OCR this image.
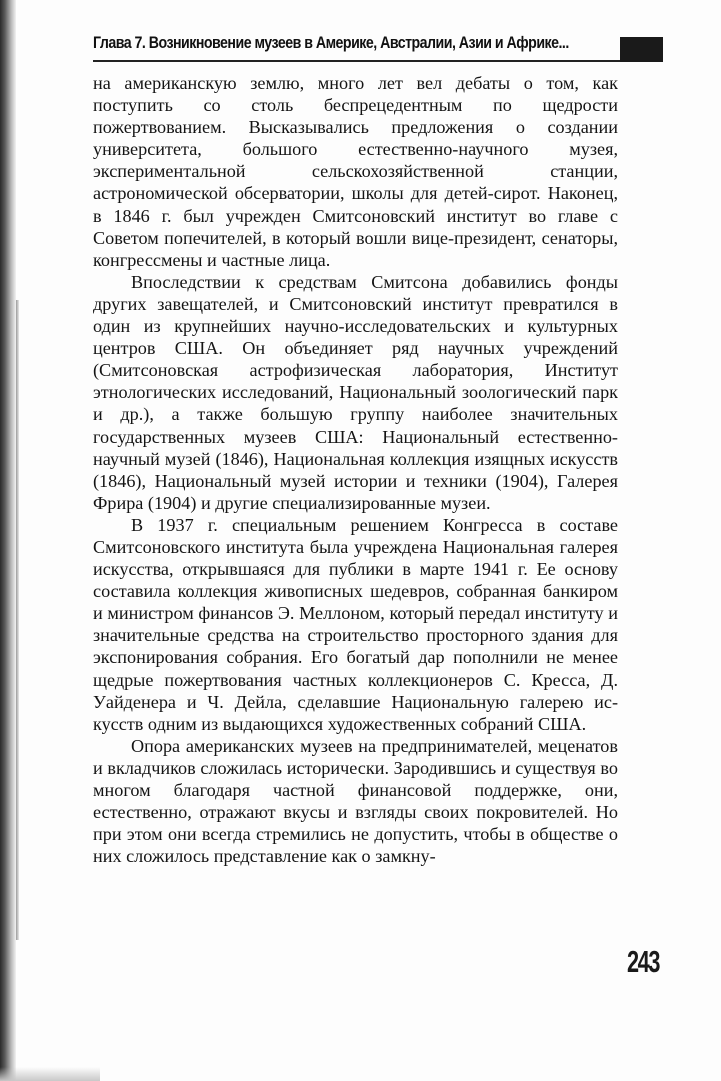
Глава 7. Возникновение музеев в Америке, Австралии, Азии и Африке...

на американскую землю, много лет вел дебаты о том, как поступить со столь беспрецедентным по щедрости пожертвованием. Высказывались предложения о создании университета, большого естественно-научного музея, экспериментальной сельскохозяйственной станции, астрономической обсерватории, школы для детей-сирот. Наконец, в 1846 г. был учрежден Смитсоновский институт во главе с Советом попечителей, в который вошли вице-президент, сенаторы, конгрессмены и частные лица.

Впоследствии к средствам Смитсона добавились фонды других завещателей, и Смитсоновский институт превратился в один из крупнейших научно-исследовательских и культурных центров США. Он объединяет ряд научных учреждений (Смитсоновская астрофизическая лаборатория, Институт этнологических исследований, Национальный зоологический парк и др.), а также большую группу наиболее значительных государственных музеев США: Национальный естественно-научный музей (1846), Национальная коллекция изящных искусств (1846), Национальный музей истории и техники (1904), Галерея Фрира (1904) и другие специализированные музеи.

В 1937 г. специальным решением Конгресса в составе Смитсоновского института была учреждена Национальная галерея искусства, открывшаяся для публики в марте 1941 г. Ее основу составила коллекция живописных шедевров, собранная банкиром и министром финансов Э. Меллоном, который передал институту и значительные средства на строительство просторного здания для экспонирования собрания. Его богатый дар пополнили не менее щедрые пожертвования частных коллекционеров С. Кресса, Д. Уайденера и Ч. Дейла, сделавшие Национальную галерею искусств одним из выдающихся художественных собраний США.

Опора американских музеев на предпринимателей, меценатов и вкладчиков сложилась исторически. Зародившись и существуя во многом благодаря частной финансовой поддержке, они, естественно, отражают вкусы и взгляды своих покровителей. Но при этом они всегда стремились не допустить, чтобы в обществе о них сложилось представление как о замкну-

243
